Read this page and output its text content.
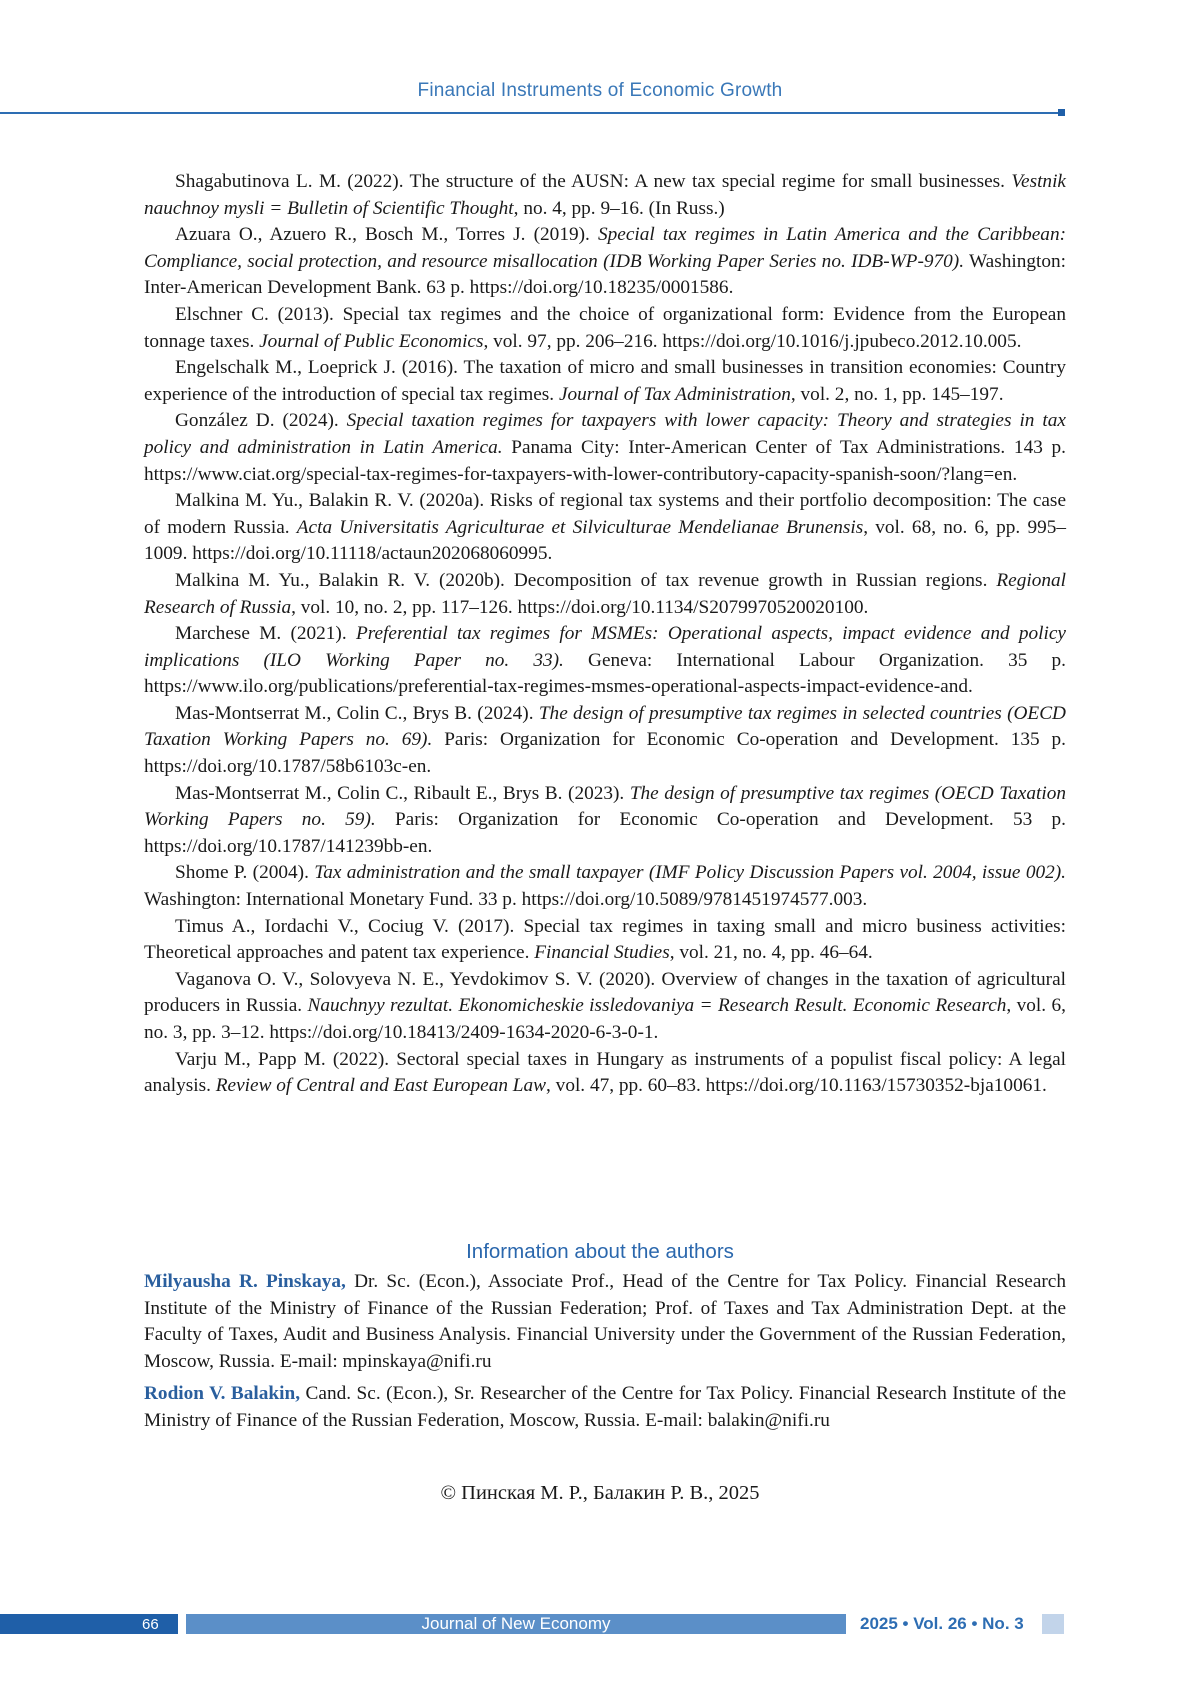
Financial Instruments of Economic Growth

Shagabutinova L. M. (2022). The structure of the AUSN: A new tax special regime for small businesses. Vestnik nauchnoy mysli = Bulletin of Scientific Thought, no. 4, pp. 9–16. (In Russ.)

Azuara O., Azuero R., Bosch M., Torres J. (2019). Special tax regimes in Latin America and the Caribbean: Compliance, social protection, and resource misallocation (IDB Working Paper Series no. IDB-WP-970). Washington: Inter-American Development Bank. 63 p. https://doi.org/10.18235/0001586.

Elschner C. (2013). Special tax regimes and the choice of organizational form: Evidence from the European tonnage taxes. Journal of Public Economics, vol. 97, pp. 206–216. https://doi.org/10.1016/j.jpubeco.2012.10.005.

Engelschalk M., Loeprick J. (2016). The taxation of micro and small businesses in transition economies: Country experience of the introduction of special tax regimes. Journal of Tax Administration, vol. 2, no. 1, pp. 145–197.

González D. (2024). Special taxation regimes for taxpayers with lower capacity: Theory and strategies in tax policy and administration in Latin America. Panama City: Inter-American Center of Tax Administrations. 143 p. https://www.ciat.org/special-tax-regimes-for-taxpayers-with-lower-contributory-capacity-spanish-soon/?lang=en.

Malkina M. Yu., Balakin R. V. (2020a). Risks of regional tax systems and their portfolio decomposition: The case of modern Russia. Acta Universitatis Agriculturae et Silviculturae Mendelianae Brunensis, vol. 68, no. 6, pp. 995–1009. https://doi.org/10.11118/actaun202068060995.

Malkina M. Yu., Balakin R. V. (2020b). Decomposition of tax revenue growth in Russian regions. Regional Research of Russia, vol. 10, no. 2, pp. 117–126. https://doi.org/10.1134/S2079970520020100.

Marchese M. (2021). Preferential tax regimes for MSMEs: Operational aspects, impact evidence and policy implications (ILO Working Paper no. 33). Geneva: International Labour Organization. 35 p. https://www.ilo.org/publications/preferential-tax-regimes-msmes-operational-aspects-impact-evidence-and.

Mas-Montserrat M., Colin C., Brys B. (2024). The design of presumptive tax regimes in selected countries (OECD Taxation Working Papers no. 69). Paris: Organization for Economic Co-operation and Development. 135 p. https://doi.org/10.1787/58b6103c-en.

Mas-Montserrat M., Colin C., Ribault E., Brys B. (2023). The design of presumptive tax regimes (OECD Taxation Working Papers no. 59). Paris: Organization for Economic Co-operation and Development. 53 p. https://doi.org/10.1787/141239bb-en.

Shome P. (2004). Tax administration and the small taxpayer (IMF Policy Discussion Papers vol. 2004, issue 002). Washington: International Monetary Fund. 33 p. https://doi.org/10.5089/9781451974577.003.

Timus A., Iordachi V., Cociug V. (2017). Special tax regimes in taxing small and micro business activities: Theoretical approaches and patent tax experience. Financial Studies, vol. 21, no. 4, pp. 46–64.

Vaganova O. V., Solovyeva N. E., Yevdokimov S. V. (2020). Overview of changes in the taxation of agricultural producers in Russia. Nauchnyy rezultat. Ekonomicheskie issledovaniya = Research Result. Economic Research, vol. 6, no. 3, pp. 3–12. https://doi.org/10.18413/2409-1634-2020-6-3-0-1.

Varju M., Papp M. (2022). Sectoral special taxes in Hungary as instruments of a populist fiscal policy: A legal analysis. Review of Central and East European Law, vol. 47, pp. 60–83. https://doi.org/10.1163/15730352-bja10061.

Information about the authors

Milyausha R. Pinskaya, Dr. Sc. (Econ.), Associate Prof., Head of the Centre for Tax Policy. Financial Research Institute of the Ministry of Finance of the Russian Federation; Prof. of Taxes and Tax Administration Dept. at the Faculty of Taxes, Audit and Business Analysis. Financial University under the Government of the Russian Federation, Moscow, Russia. E-mail: mpinskaya@nifi.ru

Rodion V. Balakin, Cand. Sc. (Econ.), Sr. Researcher of the Centre for Tax Policy. Financial Research Institute of the Ministry of Finance of the Russian Federation, Moscow, Russia. E-mail: balakin@nifi.ru

© Пинская М. Р., Балакин Р. В., 2025
66	Journal of New Economy	2025 • Vol. 26 • No. 3
